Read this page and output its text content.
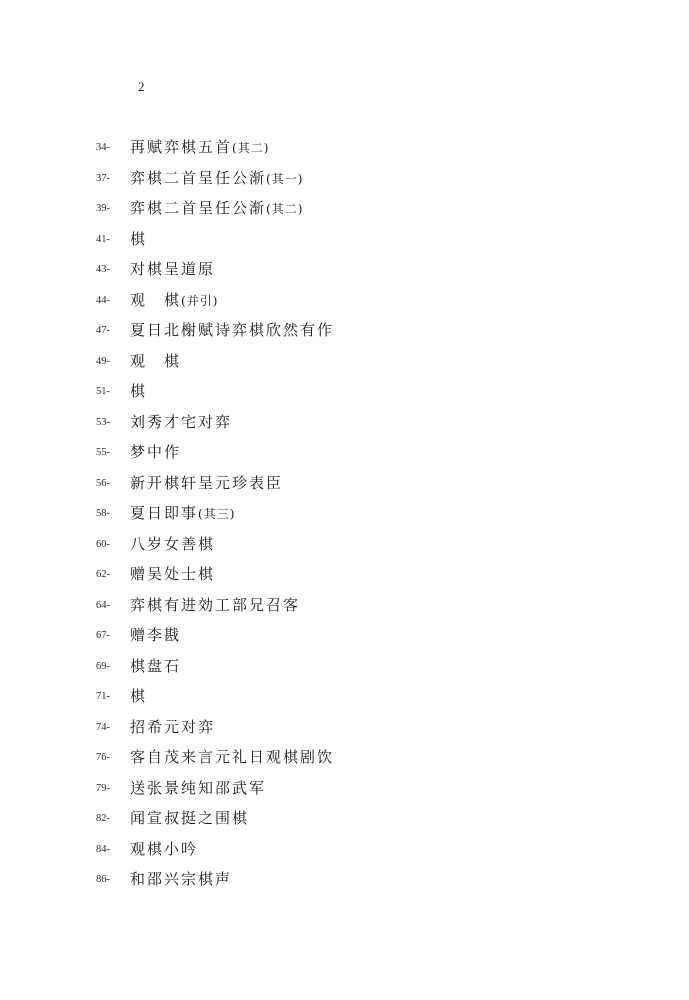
2
34- 再赋弈棋五首(其二)
37- 弈棋二首呈任公渐(其一)
39- 弈棋二首呈任公渐(其二)
41- 棋
43- 对棋呈道原
44- 观　棋(并引)
47- 夏日北榭赋诗弈棋欣然有作
49- 观　棋
51- 棋
53- 刘秀才宅对弈
55- 梦中作
56- 新开棋轩呈元珍表臣
58- 夏日即事(其三)
60- 八岁女善棋
62- 赠吴处士棋
64- 弈棋有进効工部兄召客
67- 赠李戡
69- 棋盘石
71- 棋
74- 招希元对弈
76- 客自茂来言元礼日观棋剧饮
79- 送张景纯知邵武军
82- 闻宣叔挺之围棋
84- 观棋小吟
86- 和邵兴宗棋声
